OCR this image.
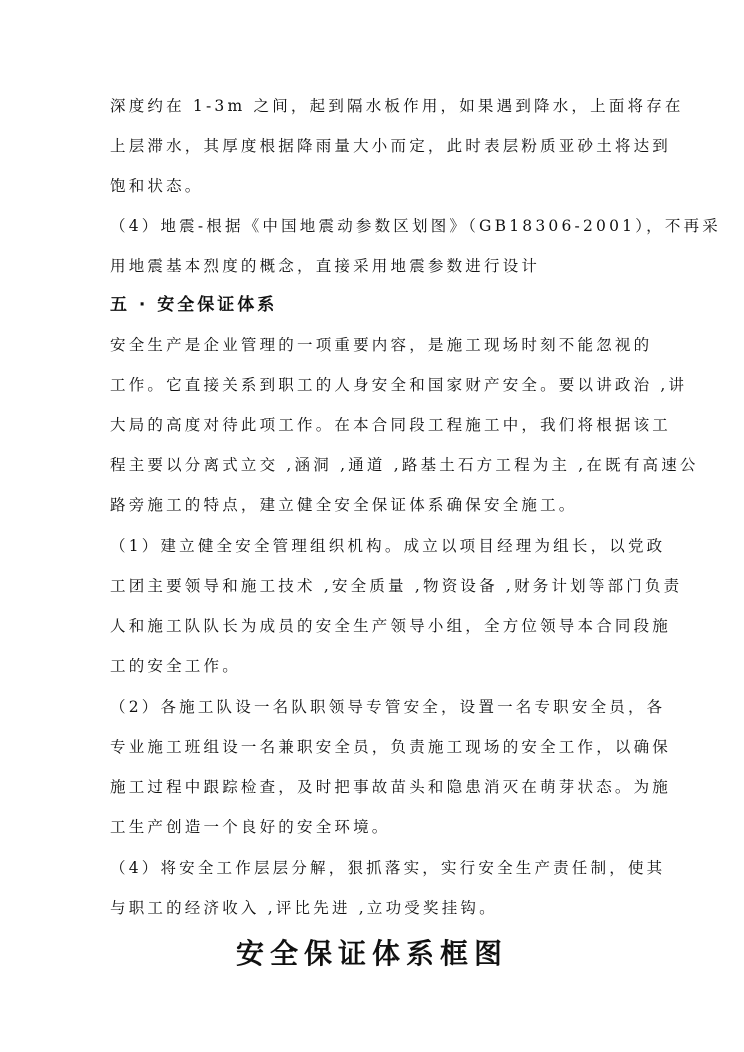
深度约在 1-3m 之间，起到隔水板作用，如果遇到降水，上面将存在
上层滞水，其厚度根据降雨量大小而定，此时表层粉质亚砂土将达到
饱和状态。
（4）地震-根据《中国地震动参数区划图》（GB18306-2001），不再采
用地震基本烈度的概念，直接采用地震参数进行设计
五 · 安全保证体系
安全生产是企业管理的一项重要内容，是施工现场时刻不能忽视的
工作。它直接关系到职工的人身安全和国家财产安全。要以讲政治 ,讲
大局的高度对待此项工作。在本合同段工程施工中，我们将根据该工
程主要以分离式立交 ,涵洞 ,通道 ,路基土石方工程为主 ,在既有高速公
路旁施工的特点，建立健全安全保证体系确保安全施工。
（1）建立健全安全管理组织机构。成立以项目经理为组长，以党政
工团主要领导和施工技术 ,安全质量 ,物资设备 ,财务计划等部门负责
人和施工队队长为成员的安全生产领导小组，全方位领导本合同段施
工的安全工作。
（2）各施工队设一名队职领导专管安全，设置一名专职安全员，各
专业施工班组设一名兼职安全员，负责施工现场的安全工作，以确保
施工过程中跟踪检查，及时把事故苗头和隐患消灭在萌芽状态。为施
工生产创造一个良好的安全环境。
（4）将安全工作层层分解，狠抓落实，实行安全生产责任制，使其
与职工的经济收入 ,评比先进 ,立功受奖挂钩。
安全保证体系框图
